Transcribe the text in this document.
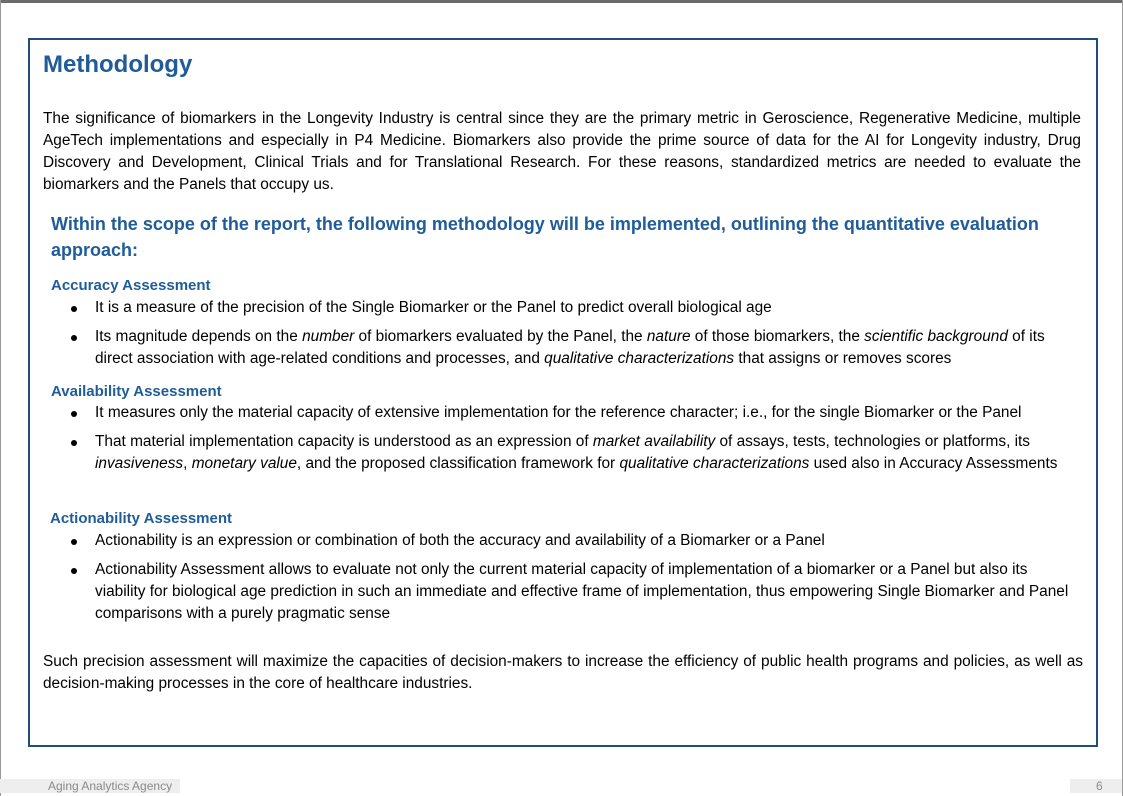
Methodology

The significance of biomarkers in the Longevity Industry is central since they are the primary metric in Geroscience, Regenerative Medicine, multiple AgeTech implementations and especially in P4 Medicine. Biomarkers also provide the prime source of data for the AI for Longevity industry, Drug Discovery and Development, Clinical Trials and for Translational Research. For these reasons, standardized metrics are needed to evaluate the biomarkers and the Panels that occupy us.

Within the scope of the report, the following methodology will be implemented, outlining the quantitative evaluation approach:
Accuracy Assessment
It is a measure of the precision of the Single Biomarker or the Panel to predict overall biological age
Its magnitude depends on the number of biomarkers evaluated by the Panel, the nature of those biomarkers, the scientific background of its direct association with age-related conditions and processes, and qualitative characterizations that assigns or removes scores
Availability Assessment
It measures only the material capacity of extensive implementation for the reference character; i.e., for the single Biomarker or the Panel
That material implementation capacity is understood as an expression of market availability of assays, tests, technologies or platforms, its invasiveness, monetary value, and the proposed classification framework for qualitative characterizations used also in Accuracy Assessments
Actionability Assessment
Actionability is an expression or combination of both the accuracy and availability of a Biomarker or a Panel
Actionability Assessment allows to evaluate not only the current material capacity of implementation of a biomarker or a Panel but also its viability for biological age prediction in such an immediate and effective frame of implementation, thus empowering Single Biomarker and Panel comparisons with a purely pragmatic sense

Such precision assessment will maximize the capacities of decision-makers to increase the efficiency of public health programs and policies, as well as decision-making processes in the core of healthcare industries.

Aging Analytics Agency	6
